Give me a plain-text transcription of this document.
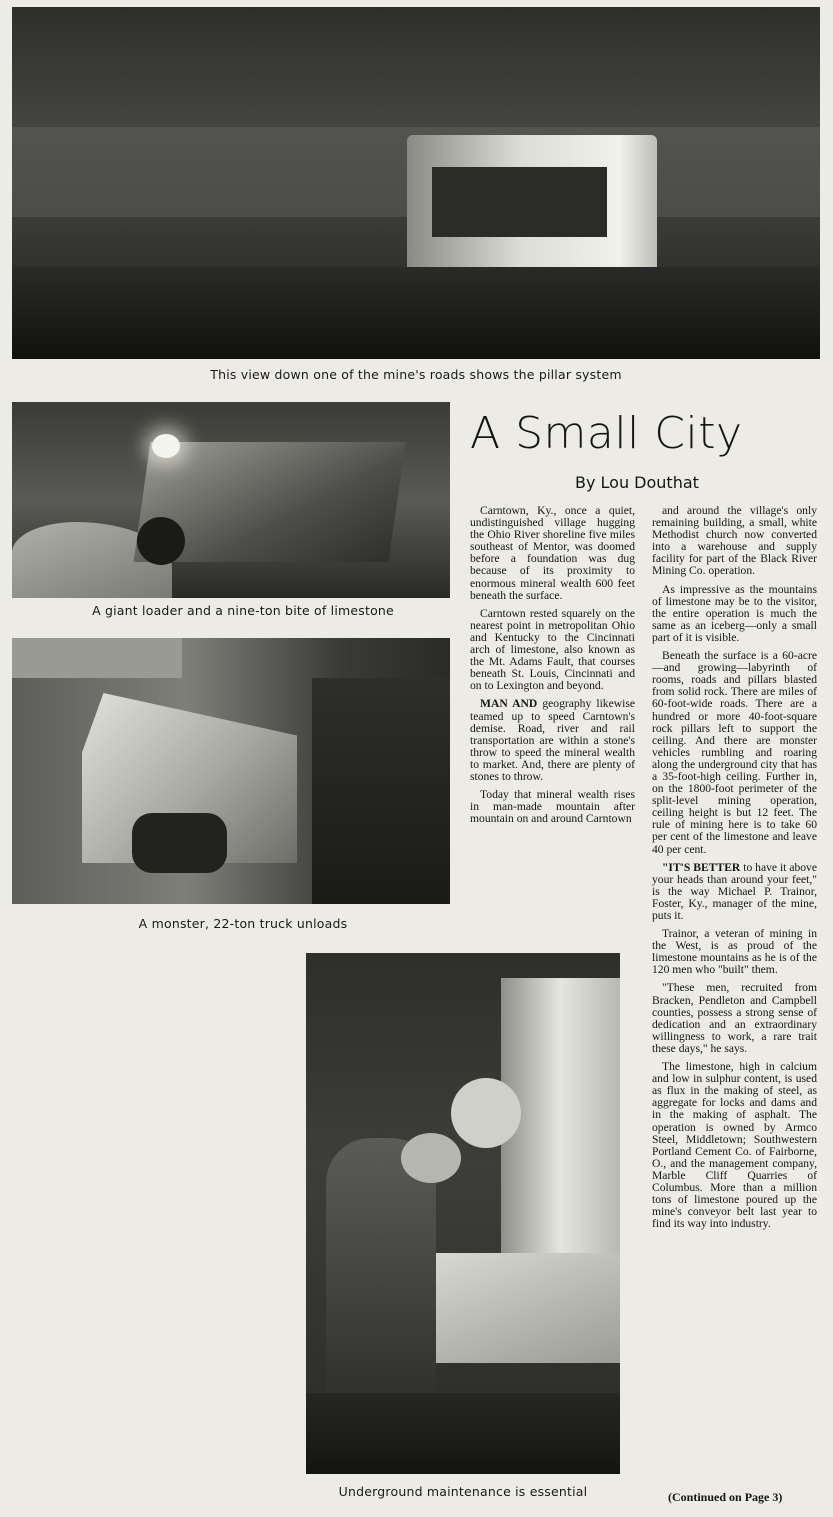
This view down one of the mine's roads shows the pillar system
A giant loader and a nine-ton bite of limestone
A monster, 22-ton truck unloads
Underground maintenance is essential
A Small City
By Lou Douthat

Carntown, Ky., once a quiet, undistinguished village hugging the Ohio River shoreline five miles southeast of Mentor, was doomed before a foundation was dug because of its proximity to enormous mineral wealth 600 feet beneath the surface.

Carntown rested squarely on the nearest point in metropolitan Ohio and Kentucky to the Cincinnati arch of limestone, also known as the Mt. Adams Fault, that courses beneath St. Louis, Cincinnati and on to Lexington and beyond.

MAN AND geography likewise teamed up to speed Carntown's demise. Road, river and rail transportation are within a stone's throw to speed the mineral wealth to market. And, there are plenty of stones to throw.

Today that mineral wealth rises in man-made mountain after mountain on and around Carntown

and around the village's only remaining building, a small, white Methodist church now converted into a warehouse and supply facility for part of the Black River Mining Co. operation.

As impressive as the mountains of limestone may be to the visitor, the entire operation is much the same as an iceberg—only a small part of it is visible.

Beneath the surface is a 60-acre—and growing—labyrinth of rooms, roads and pillars blasted from solid rock. There are miles of 60-foot-wide roads. There are a hundred or more 40-foot-square rock pillars left to support the ceiling. And there are monster vehicles rumbling and roaring along the underground city that has a 35-foot-high ceiling. Further in, on the 1800-foot perimeter of the split-level mining operation, ceiling height is but 12 feet. The rule of mining here is to take 60 per cent of the limestone and leave 40 per cent.

"IT'S BETTER to have it above your heads than around your feet," is the way Michael P. Trainor, Foster, Ky., manager of the mine, puts it.

Trainor, a veteran of mining in the West, is as proud of the limestone mountains as he is of the 120 men who "built" them.

"These men, recruited from Bracken, Pendleton and Campbell counties, possess a strong sense of dedication and an extraordinary willingness to work, a rare trait these days," he says.

The limestone, high in calcium and low in sulphur content, is used as flux in the making of steel, as aggregate for locks and dams and in the making of asphalt. The operation is owned by Armco Steel, Middletown; Southwestern Portland Cement Co. of Fairborne, O., and the management company, Marble Cliff Quarries of Columbus. More than a million tons of limestone poured up the mine's conveyor belt last year to find its way into industry.

(Continued on Page 3)
